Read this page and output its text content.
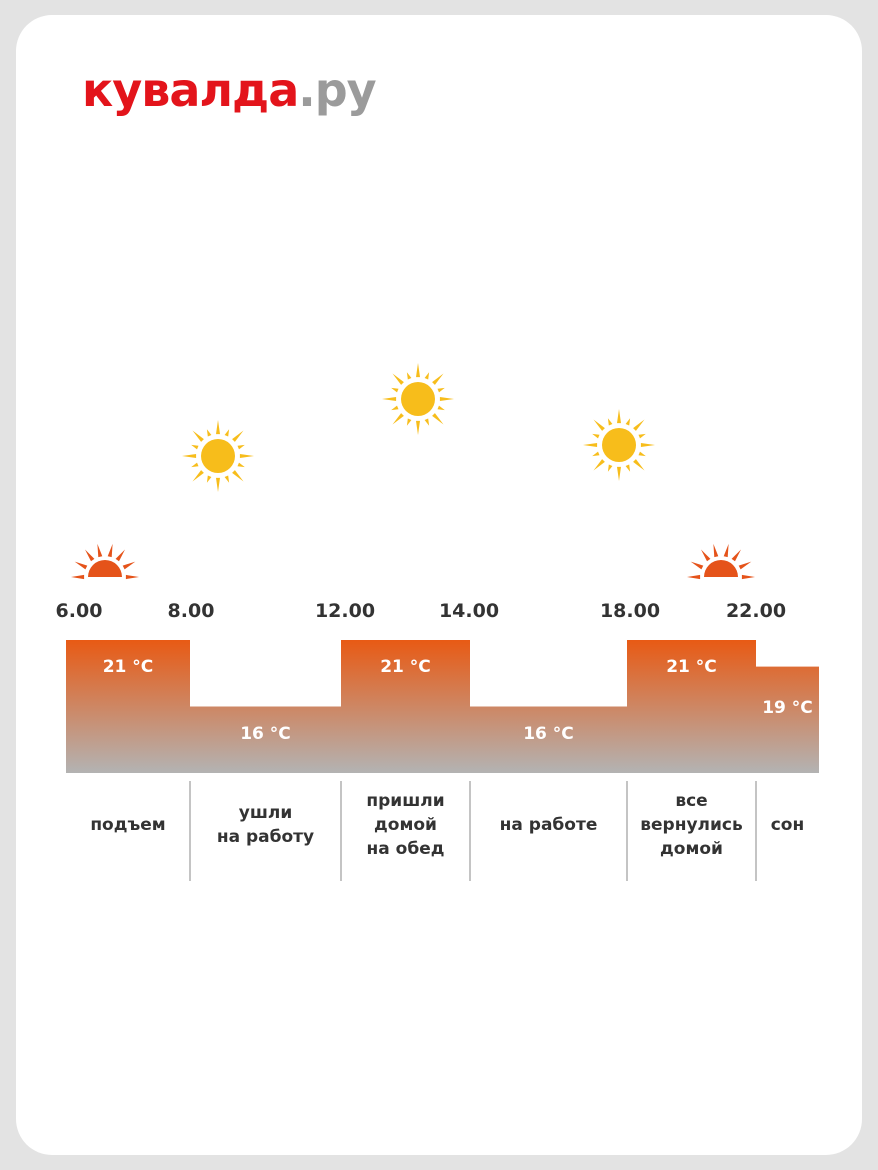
кувалда.ру
6.00	8.00	12.00	14.00	18.00	22.00
21 °C
16 °C
21 °C
16 °C
21 °C
19 °C
подъем
ушли на работу
пришли домой на обед
на работе
все вернулись домой
сон
